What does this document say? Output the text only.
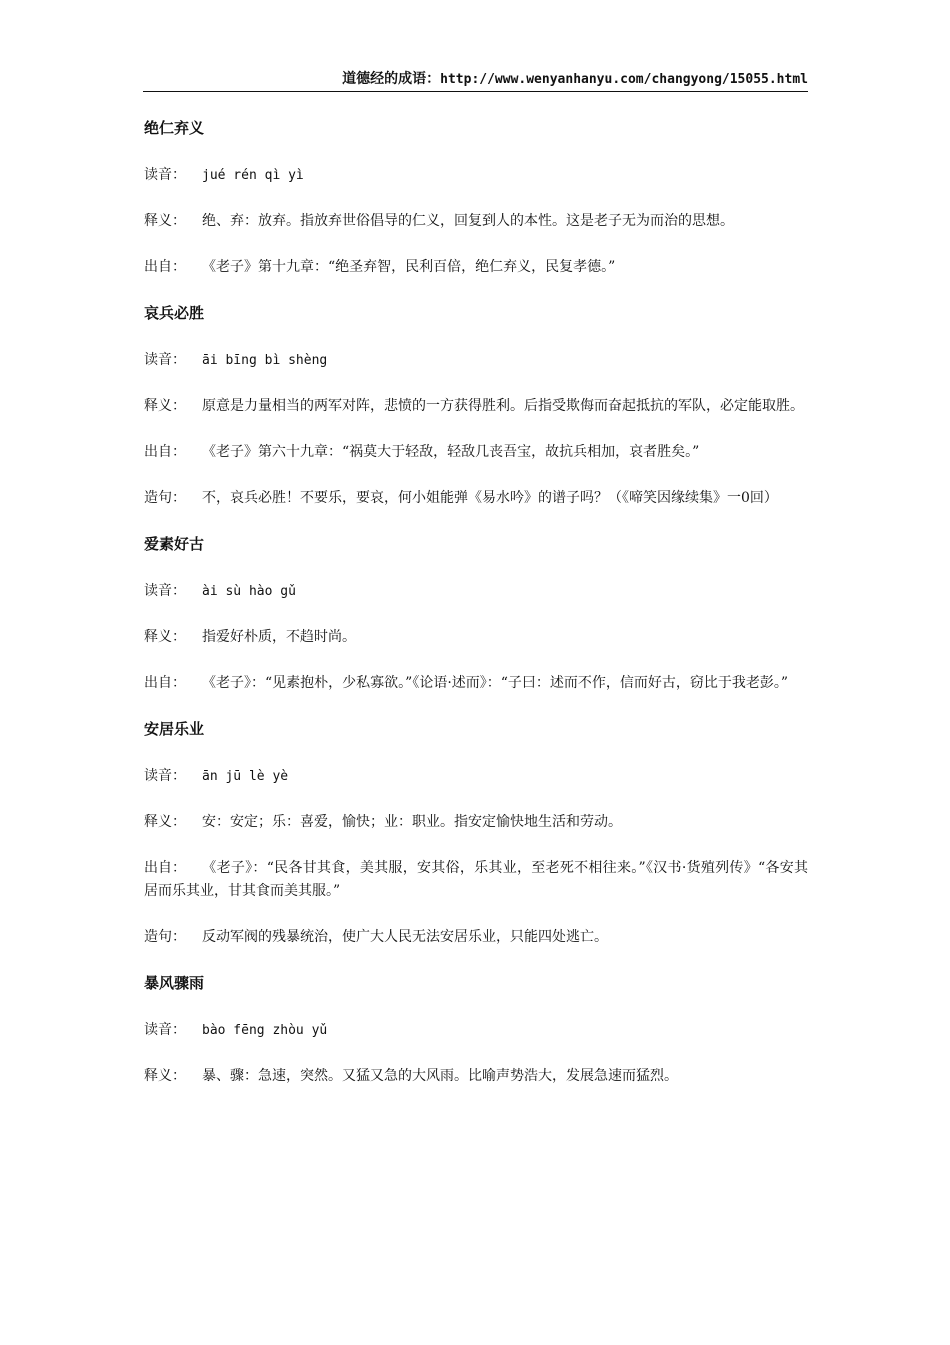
道德经的成语：http://www.wenyanhanyu.com/changyong/15055.html
绝仁弃义
读音： jué rén qì yì
释义： 绝、弃：放弃。指放弃世俗倡导的仁义，回复到人的本性。这是老子无为而治的思想。
出自： 《老子》第十九章：“绝圣弃智，民利百倍，绝仁弃义，民复孝德。”
哀兵必胜
读音： āi bīng bì shèng
释义： 原意是力量相当的两军对阵，悲愤的一方获得胜利。后指受欺侮而奋起抵抗的军队，必定能取胜。
出自： 《老子》第六十九章：“祸莫大于轻敌，轻敌几丧吾宝，故抗兵相加，哀者胜矣。”
造句： 不，哀兵必胜！不要乐，要哀，何小姐能弹《易水吟》的谱子吗？（《啼笑因缘续集》一0回）
爱素好古
读音： ài sù hào gǔ
释义： 指爱好朴质，不趋时尚。
出自： 《老子》：“见素抱朴，少私寡欲。”《论语·述而》：“子曰：述而不作，信而好古，窃比于我老彭。”
安居乐业
读音： ān jū lè yè
释义： 安：安定；乐：喜爱，愉快；业：职业。指安定愉快地生活和劳动。
出自： 《老子》：“民各甘其食，美其服，安其俗，乐其业，至老死不相往来。”《汉书·货殖列传》“各安其居而乐其业，甘其食而美其服。”
造句： 反动军阀的残暴统治，使广大人民无法安居乐业，只能四处逃亡。
暴风骤雨
读音： bào fēng zhòu yǔ
释义： 暴、骤：急速，突然。又猛又急的大风雨。比喻声势浩大，发展急速而猛烈。
